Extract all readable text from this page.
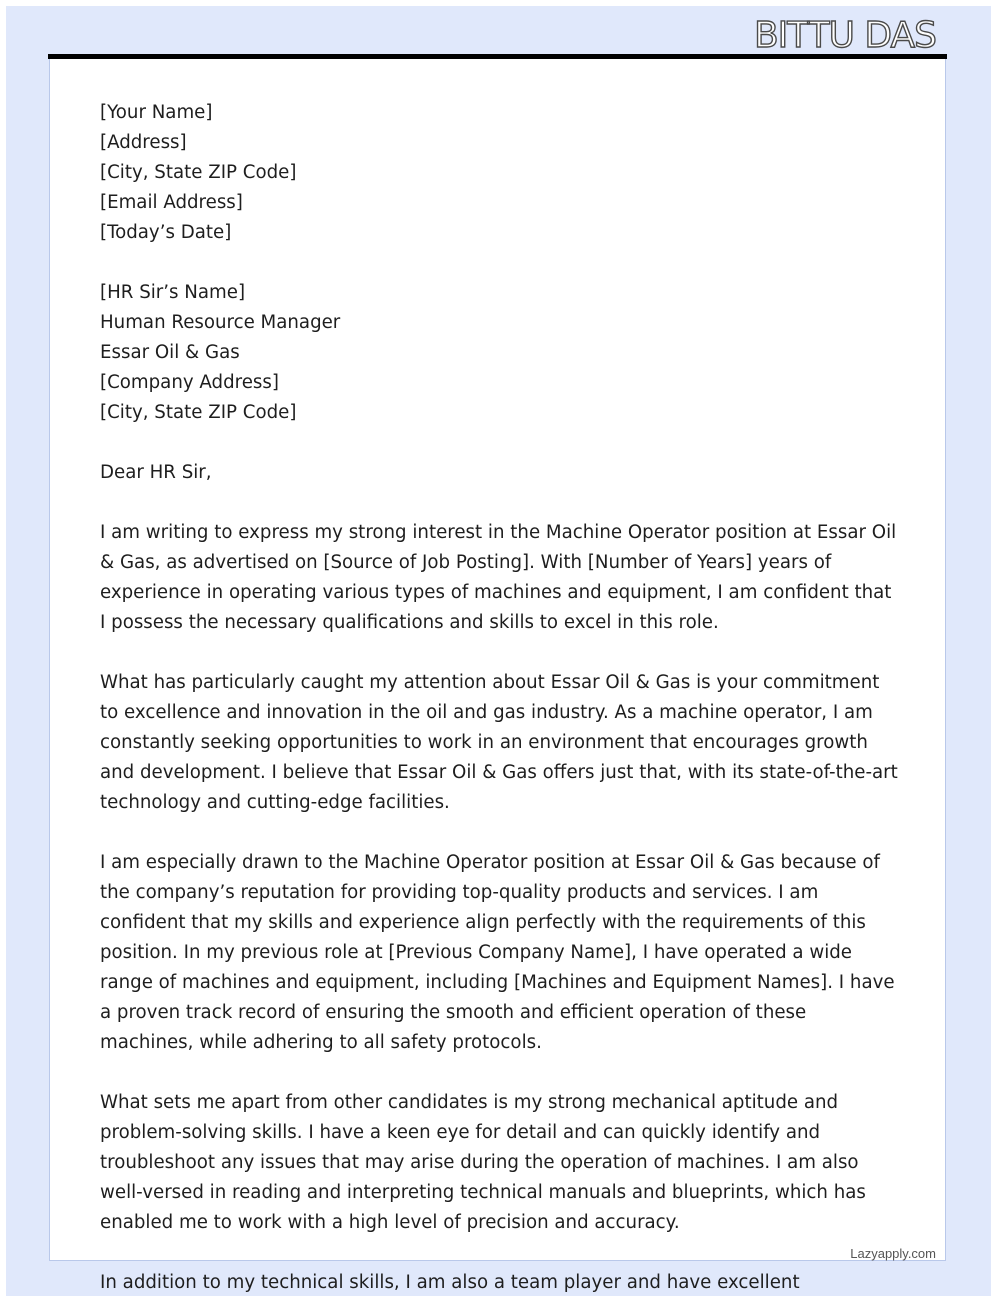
BITTU DAS
[Your Name]
[Address]
[City, State ZIP Code]
[Email Address]
[Today’s Date]
[HR Sir’s Name]
Human Resource Manager
Essar Oil & Gas
[Company Address]
[City, State ZIP Code]
Dear HR Sir,

I am writing to express my strong interest in the Machine Operator position at Essar Oil & Gas, as advertised on [Source of Job Posting]. With [Number of Years] years of experience in operating various types of machines and equipment, I am confident that I possess the necessary qualifications and skills to excel in this role.

What has particularly caught my attention about Essar Oil & Gas is your commitment to excellence and innovation in the oil and gas industry. As a machine operator, I am constantly seeking opportunities to work in an environment that encourages growth and development. I believe that Essar Oil & Gas offers just that, with its state-of-the-art technology and cutting-edge facilities.

I am especially drawn to the Machine Operator position at Essar Oil & Gas because of the company’s reputation for providing top-quality products and services. I am confident that my skills and experience align perfectly with the requirements of this position. In my previous role at [Previous Company Name], I have operated a wide range of machines and equipment, including [Machines and Equipment Names]. I have a proven track record of ensuring the smooth and efficient operation of these machines, while adhering to all safety protocols.

What sets me apart from other candidates is my strong mechanical aptitude and problem-solving skills. I have a keen eye for detail and can quickly identify and troubleshoot any issues that may arise during the operation of machines. I am also well-versed in reading and interpreting technical manuals and blueprints, which has enabled me to work with a high level of precision and accuracy.

In addition to my technical skills, I am also a team player and have excellent

Lazyapply.com
